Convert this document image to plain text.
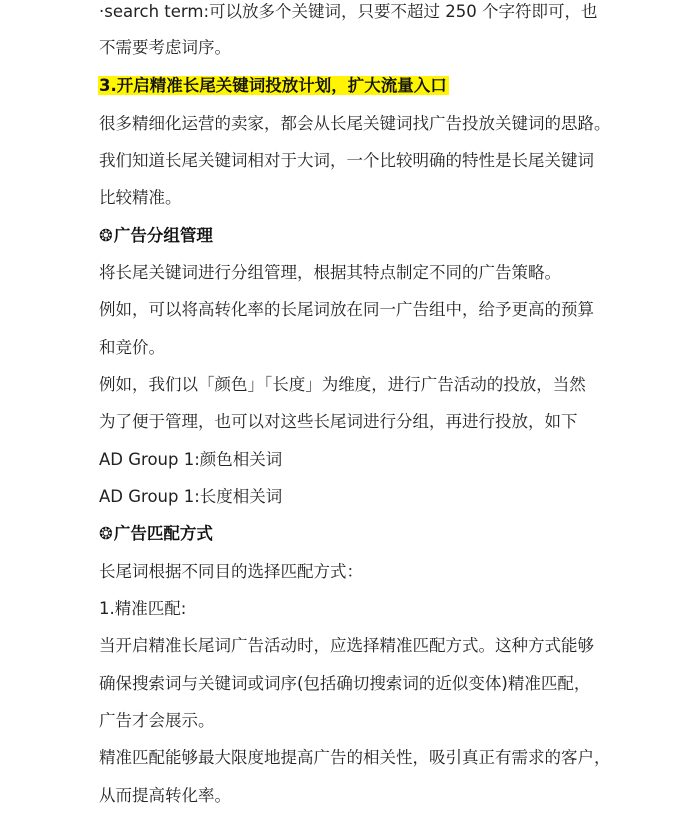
·search term:可以放多个关键词，只要不超过 250 个字符即可，也
不需要考虑词序。
3.开启精准长尾关键词投放计划，扩大流量入口
很多精细化运营的卖家，都会从长尾关键词找广告投放关键词的思路。
我们知道长尾关键词相对于大词，一个比较明确的特性是长尾关键词
比较精准。
❂广告分组管理
将长尾关键词进行分组管理，根据其特点制定不同的广告策略。
例如，可以将高转化率的长尾词放在同一广告组中，给予更高的预算
和竞价。
例如，我们以「颜色」「长度」为维度，进行广告活动的投放，当然
为了便于管理，也可以对这些长尾词进行分组，再进行投放，如下
AD Group 1:颜色相关词
AD Group 1:长度相关词
❂广告匹配方式
长尾词根据不同目的选择匹配方式：
1.精准匹配:
当开启精准长尾词广告活动时，应选择精准匹配方式。这种方式能够
确保搜索词与关键词或词序(包括确切搜索词的近似变体)精准匹配，
广告才会展示。
精准匹配能够最大限度地提高广告的相关性，吸引真正有需求的客户，
从而提高转化率。
